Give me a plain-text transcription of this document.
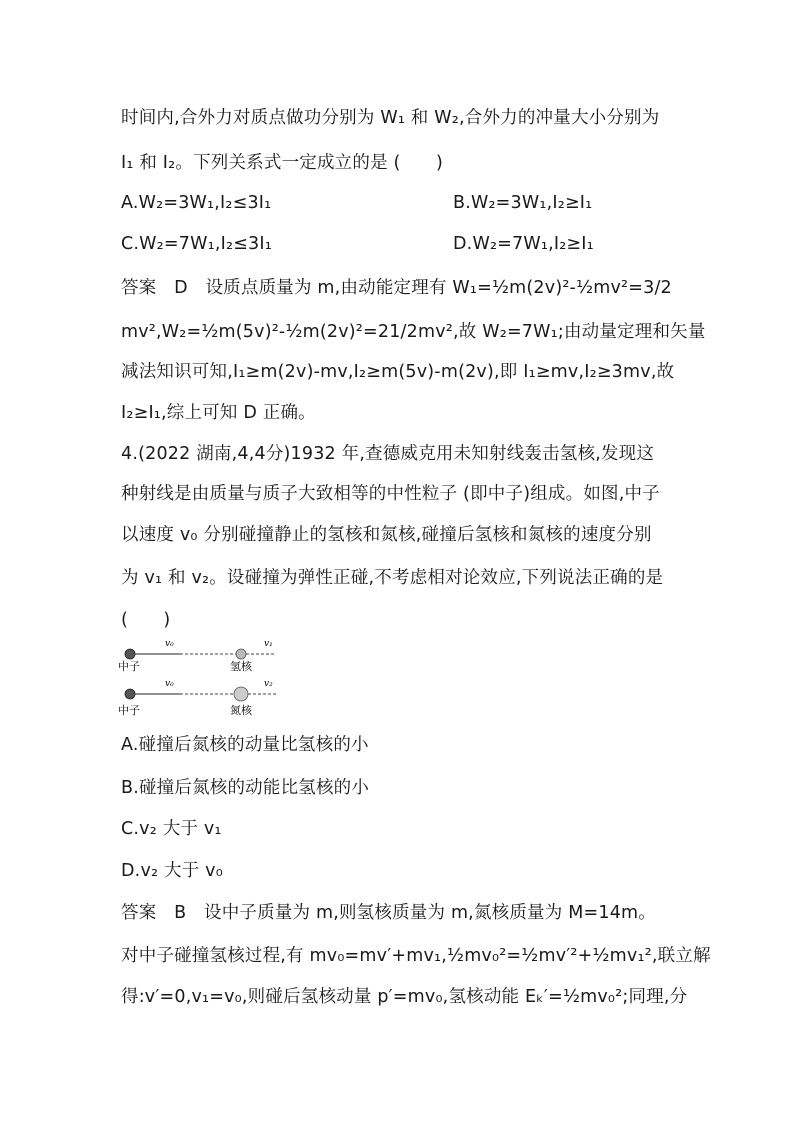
时间内,合外力对质点做功分别为 W₁ 和 W₂,合外力的冲量大小分别为
I₁ 和 I₂。下列关系式一定成立的是 (　　)
A.W₂=3W₁,I₂≤3I₁	B.W₂=3W₁,I₂≥I₁
C.W₂=7W₁,I₂≤3I₁	D.W₂=7W₁,I₂≥I₁
答案　D　设质点质量为 m,由动能定理有 W₁=½m(2v)²-½mv²=3/2
mv²,W₂=½m(5v)²-½m(2v)²=21/2mv²,故 W₂=7W₁;由动量定理和矢量
减法知识可知,I₁≥m(2v)-mv,I₂≥m(5v)-m(2v),即 I₁≥mv,I₂≥3mv,故
I₂≥I₁,综上可知 D 正确。
4.(2022 湖南,4,4分)1932 年,查德威克用未知射线轰击氢核,发现这
种射线是由质量与质子大致相等的中性粒子 (即中子)组成。如图,中子
以速度 v₀ 分别碰撞静止的氢核和氮核,碰撞后氢核和氮核的速度分别
为 v₁ 和 v₂。设碰撞为弹性正碰,不考虑相对论效应,下列说法正确的是
(　　)
v₀	v₁
中子	氢核
v₀	v₂
中子	氮核
A.碰撞后氮核的动量比氢核的小
B.碰撞后氮核的动能比氢核的小
C.v₂ 大于 v₁
D.v₂ 大于 v₀
答案　B　设中子质量为 m,则氢核质量为 m,氮核质量为 M=14m。
对中子碰撞氢核过程,有 mv₀=mv′+mv₁,½mv₀²=½mv′²+½mv₁²,联立解
得:v′=0,v₁=v₀,则碰后氢核动量 p′=mv₀,氢核动能 Eₖ′=½mv₀²;同理,分
